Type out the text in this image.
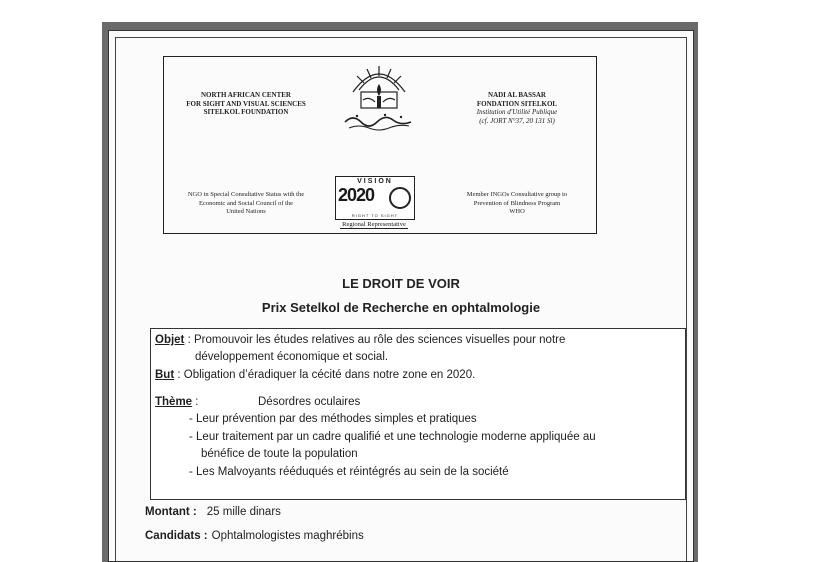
NORTH AFRICAN CENTER
FOR SIGHT AND VISUAL SCIENCES
SITELKOL FOUNDATION
NADI AL BASSAR
FONDATION SITELKOL
Institution d'Utilité Publique
(cf. JORT N°37, 20 131 Sl)
NGO in Special Consultative Status with the
Economic and Social Council of the
United Nations
VISION
2020
RIGHT TO SIGHT
Regional Representative
Member INGOs Consultative group to
Prevention of Blindness Program
WHO
LE DROIT DE VOIR
Prix Setelkol de Recherche en ophtalmologie
Objet : Promouvoir les études relatives au rôle des sciences visuelles pour notre
développement économique et social.
But : Obligation d’éradiquer la cécité dans notre zone en 2020.
Thème :	Désordres oculaires
- Leur prévention par des méthodes simples et pratiques
- Leur traitement par un cadre qualifié et une technologie moderne appliquée au
bénéfice de toute la population
- Les Malvoyants rééduqués et réintégrés au sein de la société
Montant : 25 mille dinars
Candidats : Ophtalmologistes maghrébins
